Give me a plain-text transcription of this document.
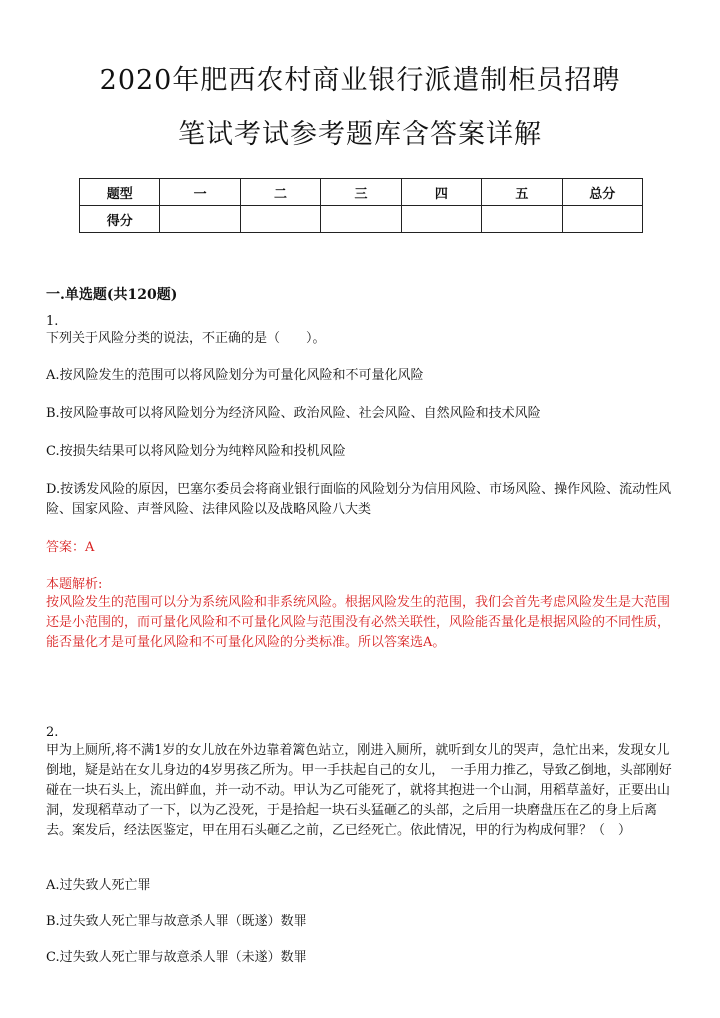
2020年肥西农村商业银行派遣制柜员招聘
笔试考试参考题库含答案详解
题型	一	二	三	四	五	总分
得分						
一.单选题(共120题)

1.

下列关于风险分类的说法，不正确的是（　　）。

A.按风险发生的范围可以将风险划分为可量化风险和不可量化风险

B.按风险事故可以将风险划分为经济风险、政治风险、社会风险、自然风险和技术风险

C.按损失结果可以将风险划分为纯粹风险和投机风险

D.按诱发风险的原因，巴塞尔委员会将商业银行面临的风险划分为信用风险、市场风险、操作风险、流动性风险、国家风险、声誉风险、法律风险以及战略风险八大类

答案：A

本题解析:

按风险发生的范围可以分为系统风险和非系统风险。根据风险发生的范围，我们会首先考虑风险发生是大范围还是小范围的，而可量化风险和不可量化风险与范围没有必然关联性，风险能否量化是根据风险的不同性质，能否量化才是可量化风险和不可量化风险的分类标准。所以答案选A。

2.

甲为上厕所,将不满1岁的女儿放在外边靠着篱色站立，刚进入厕所，就听到女儿的哭声，急忙出来，发现女儿倒地，疑是站在女儿身边的4岁男孩乙所为。甲一手扶起自己的女儿，　一手用力推乙，导致乙倒地，头部刚好碰在一块石头上，流出鲜血，并一动不动。甲认为乙可能死了，就将其抱进一个山洞，用稻草盖好，正要出山洞，发现稻草动了一下，以为乙没死，于是拾起一块石头猛砸乙的头部，之后用一块磨盘压在乙的身上后离去。案发后，经法医鉴定，甲在用石头砸乙之前，乙已经死亡。依此情况，甲的行为构成何罪？（　）

A.过失致人死亡罪

B.过失致人死亡罪与故意杀人罪（既遂）数罪

C.过失致人死亡罪与故意杀人罪（未遂）数罪
